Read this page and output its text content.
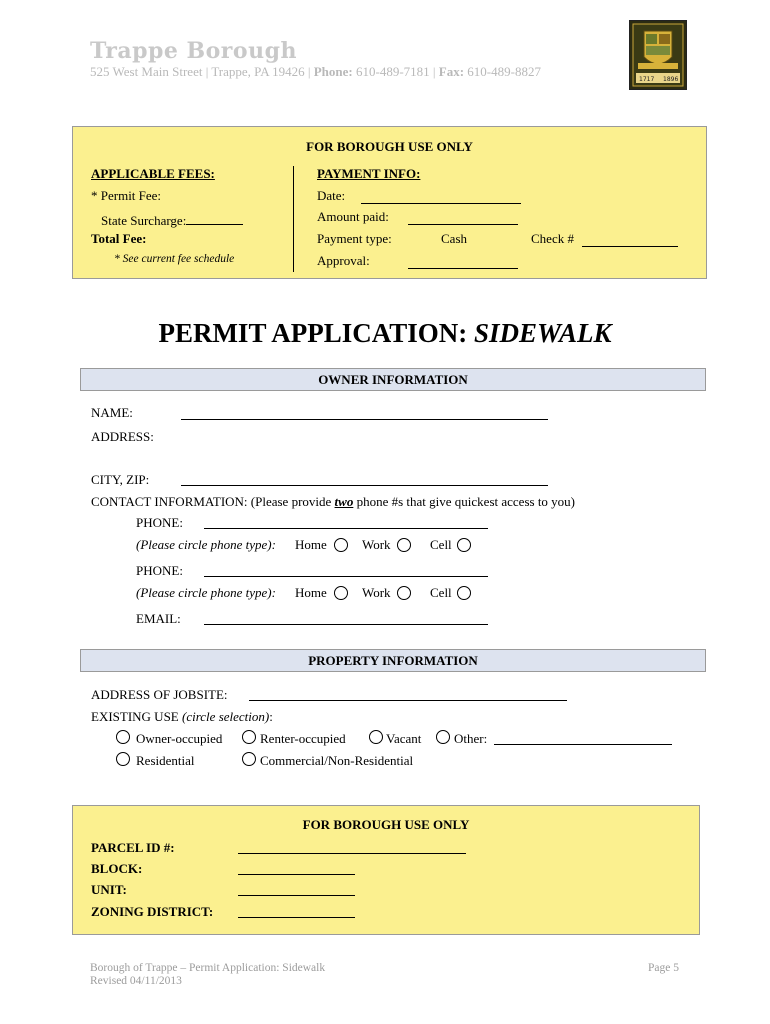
Trappe Borough
525 West Main Street | Trappe, PA 19426 | Phone: 610-489-7181 | Fax: 610-489-8827
1717 1896
FOR BOROUGH USE ONLY
APPLICABLE FEES:
* Permit Fee:
State Surcharge:
Total Fee:
* See current fee schedule
PAYMENT INFO:
Date:
Amount paid:
Payment type:	Cash	Check #
Approval:
PERMIT APPLICATION: SIDEWALK
OWNER INFORMATION
NAME:
ADDRESS:
CITY, ZIP:
CONTACT INFORMATION: (Please provide two phone #s that give quickest access to you)
PHONE:
(Please circle phone type): Home	Work	Cell
PHONE:
(Please circle phone type): Home	Work	Cell
EMAIL:
PROPERTY INFORMATION
ADDRESS OF JOBSITE:
EXISTING USE (circle selection):
Owner-occupied	Renter-occupied	Vacant	Other:
Residential	Commercial/Non-Residential
FOR BOROUGH USE ONLY
PARCEL ID #:
BLOCK:
UNIT:
ZONING DISTRICT:
Borough of Trappe – Permit Application: Sidewalk
Revised 04/11/2013
Page 5
